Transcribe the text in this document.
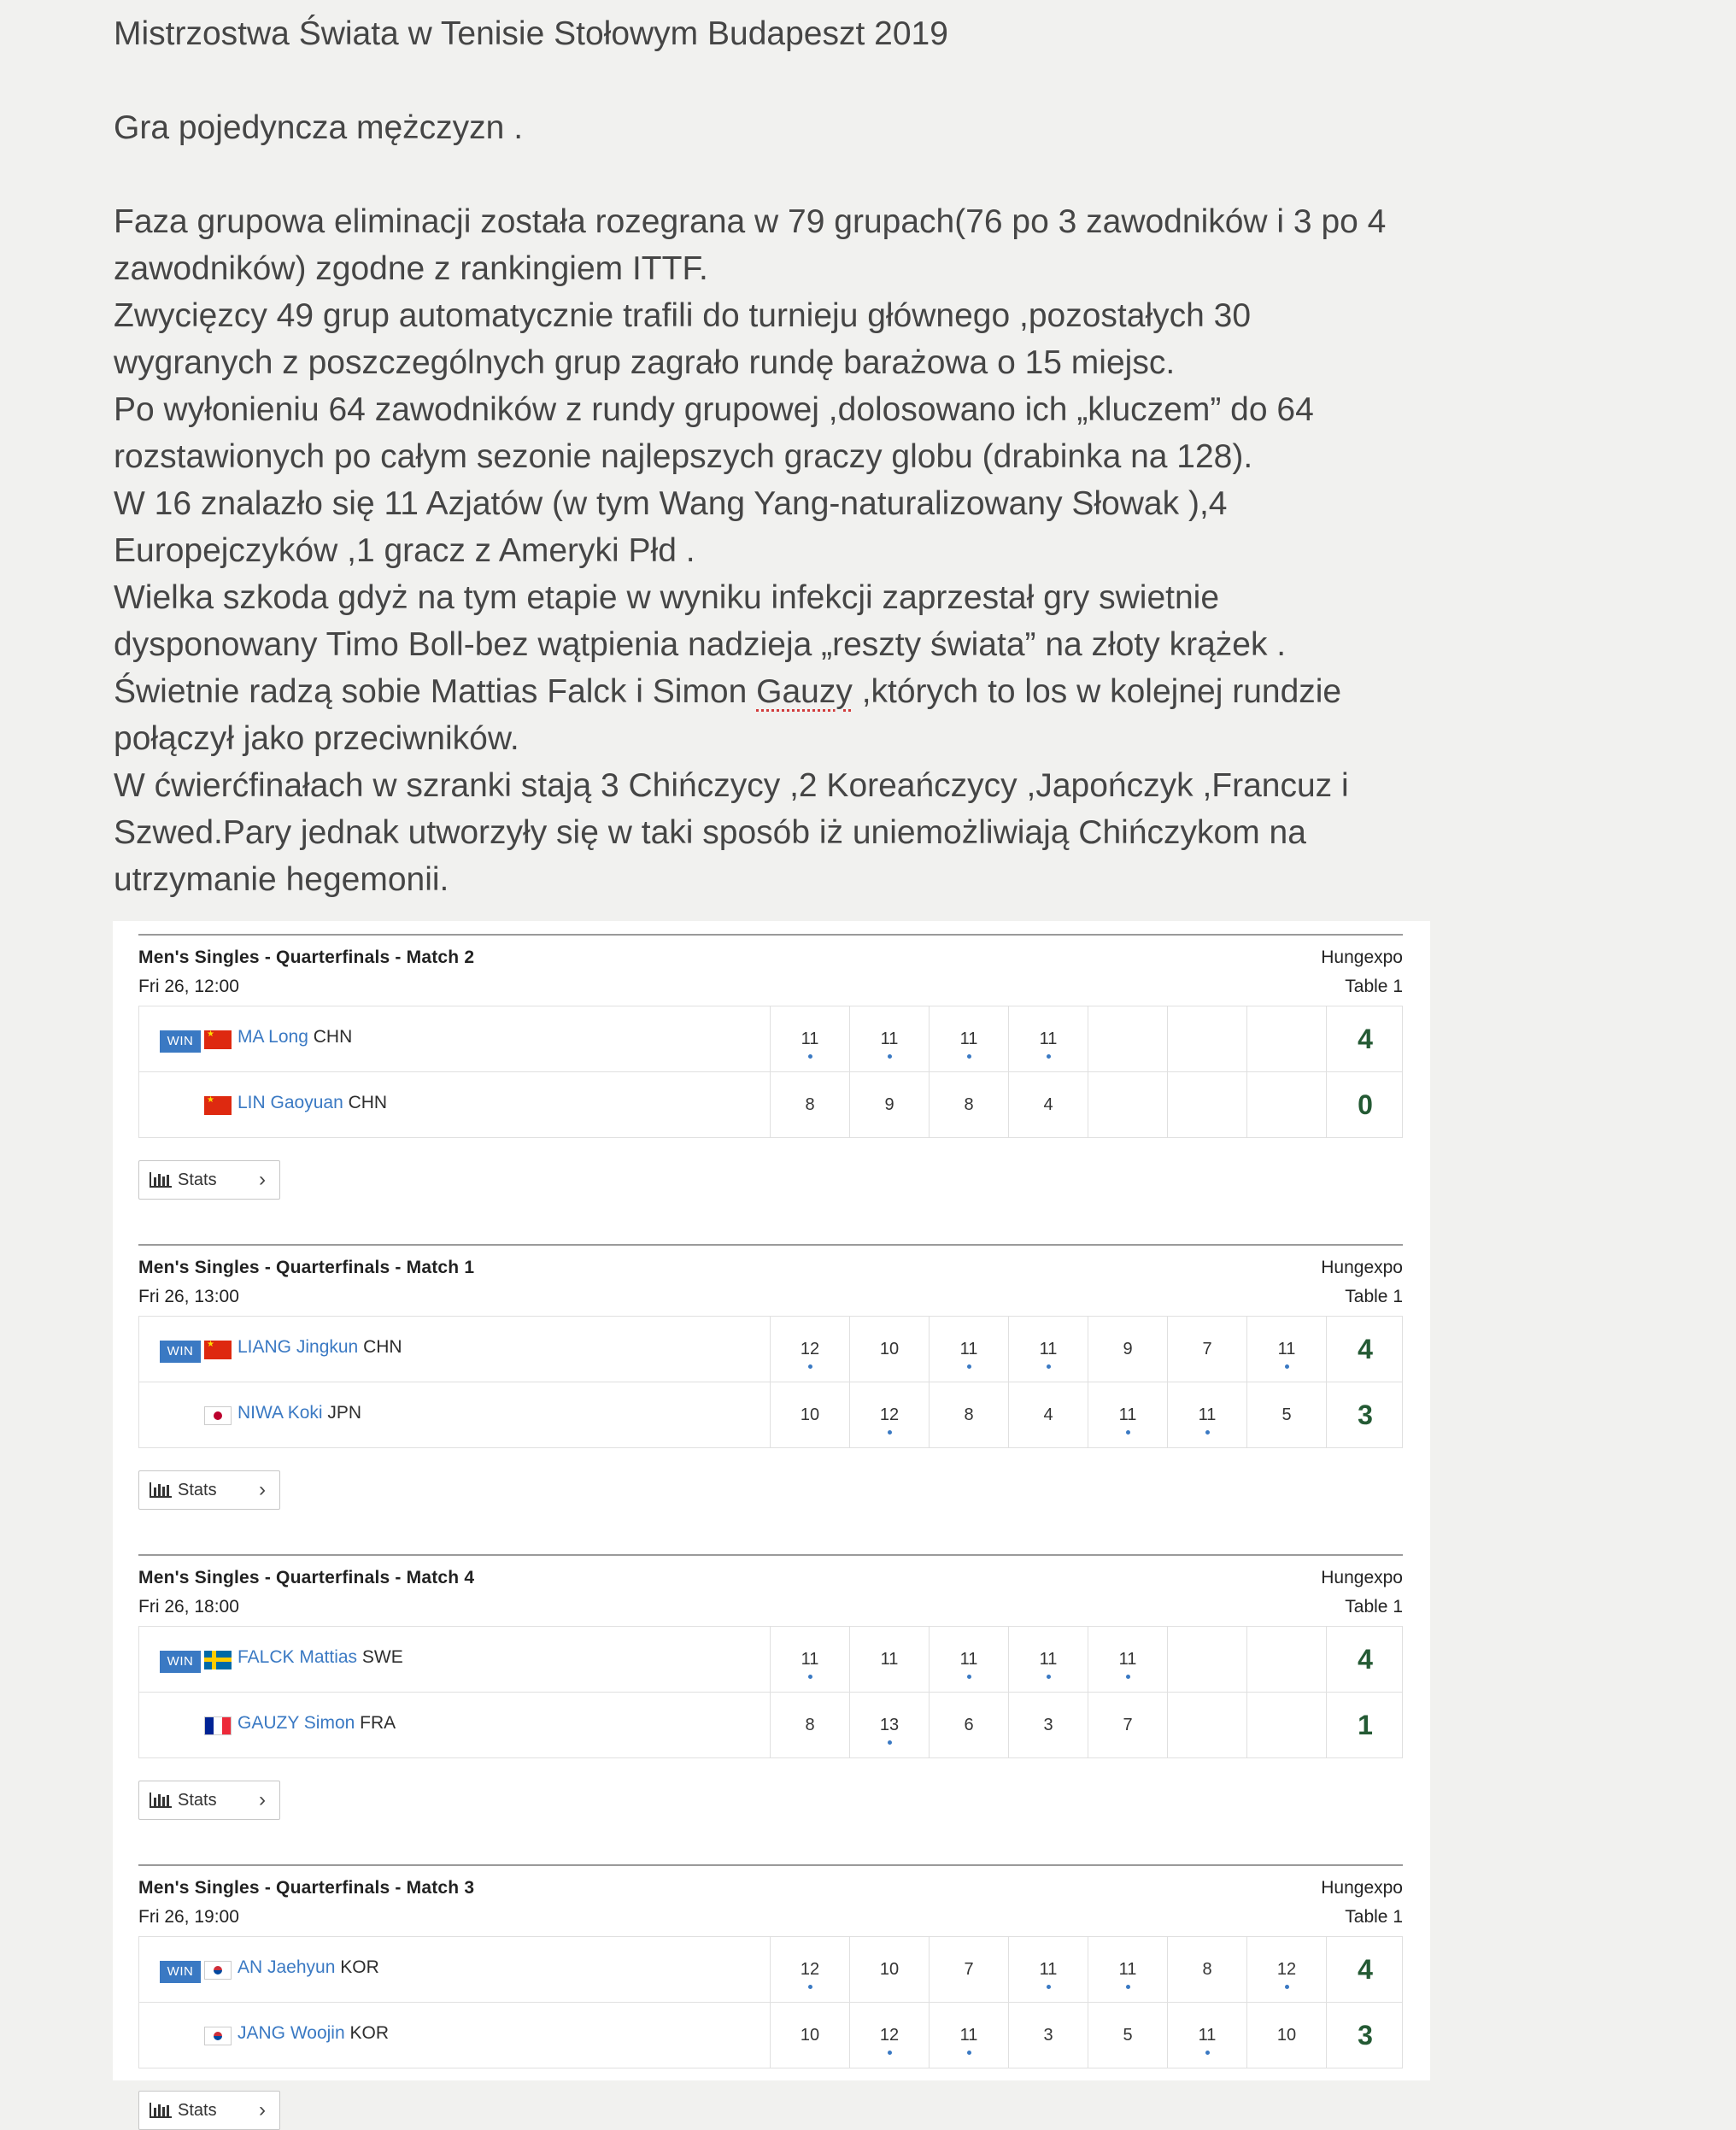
Mistrzostwa Świata w Tenisie Stołowym Budapeszt 2019

Gra pojedyncza mężczyzn .

Faza grupowa eliminacji została rozegrana w 79 grupach(76 po 3 zawodników i 3 po 4

zawodników) zgodne z rankingiem ITTF.

Zwycięzcy 49 grup automatycznie trafili do turnieju głównego ,pozostałych 30

wygranych z poszczególnych grup zagrało rundę barażowa o 15 miejsc.

Po wyłonieniu 64 zawodników z rundy grupowej ,dolosowano ich „kluczem” do 64

rozstawionych po całym sezonie najlepszych graczy globu (drabinka na 128).

W 16 znalazło się 11 Azjatów (w tym Wang Yang-naturalizowany Słowak ),4

Europejczyków ,1 gracz z Ameryki Płd .

Wielka szkoda gdyż na tym etapie w wyniku infekcji zaprzestał gry swietnie

dysponowany Timo Boll-bez wątpienia nadzieja „reszty świata” na złoty krążek .

Świetnie radzą sobie Mattias Falck i Simon Gauzy ,których to los w kolejnej rundzie

połączył jako przeciwników.

W ćwierćfinałach w szranki stają 3 Chińczycy ,2 Koreańczycy ,Japończyk ,Francuz i

Szwed.Pary jednak utworzyły się w taki sposób iż uniemożliwiają Chińczykom na

utrzymanie hegemonii.

Men's Singles - Quarterfinals - Match 2
Fri 26, 12:00
Hungexpo
Table 1
WIN ★	MA Long CHN	11	11	11	11	4
★
LIN Gaoyuan CHN	8	9	8	4	0
Stats ›
Men's Singles - Quarterfinals - Match 1
Fri 26, 13:00
Hungexpo
Table 1
WIN ★	LIANG Jingkun CHN	12	10	11	11	9	7	11	4
NIWA Koki JPN	10	12	8	4	11	11	5	3
Stats ›
Men's Singles - Quarterfinals - Match 4
Fri 26, 18:00
Hungexpo
Table 1
WIN	FALCK Mattias SWE	11	11	11	11	11	4
GAUZY Simon FRA	8	13	6	3	7	1
Stats ›
Men's Singles - Quarterfinals - Match 3
Fri 26, 19:00
Hungexpo
Table 1
WIN	AN Jaehyun KOR	12	10	7	11	11	8	12	4
JANG Woojin KOR	10	12	11	3	5	11	10	3
Stats ›
